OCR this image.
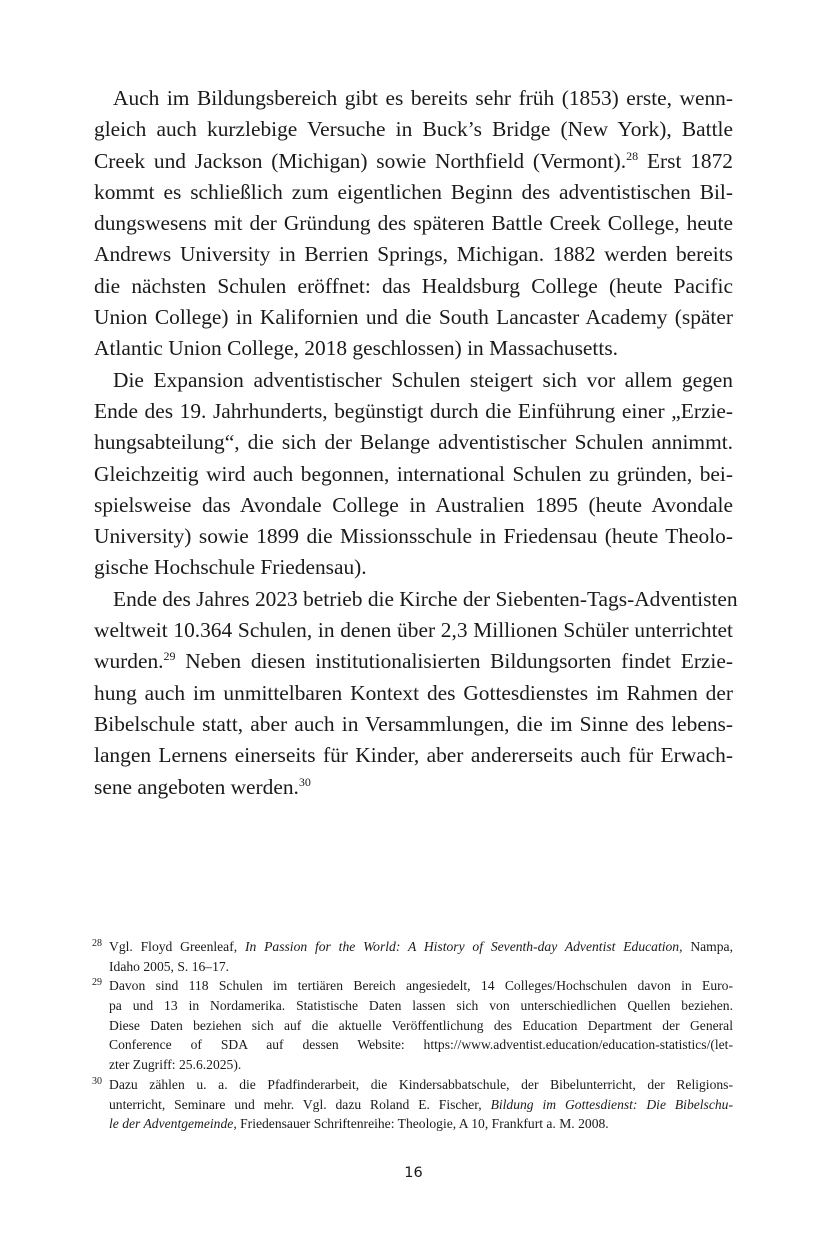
Auch im Bildungsbereich gibt es bereits sehr früh (1853) erste, wenn-
gleich auch kurzlebige Versuche in Buck’s Bridge (New York), Battle
Creek und Jackson (Michigan) sowie Northfield (Vermont).$^{28}$ Erst 1872
kommt es schließlich zum eigentlichen Beginn des adventistischen Bil-
dungswesens mit der Gründung des späteren Battle Creek College, heute
Andrews University in Berrien Springs, Michigan. 1882 werden bereits
die nächsten Schulen eröffnet: das Healdsburg College (heute Pacific
Union College) in Kalifornien und die South Lancaster Academy (später
Atlantic Union College, 2018 geschlossen) in Massachusetts.
Die Expansion adventistischer Schulen steigert sich vor allem gegen
Ende des 19. Jahrhunderts, begünstigt durch die Einführung einer „Erzie-
hungsabteilung“, die sich der Belange adventistischer Schulen annimmt.
Gleichzeitig wird auch begonnen, international Schulen zu gründen, bei-
spielsweise das Avondale College in Australien 1895 (heute Avondale
University) sowie 1899 die Missionsschule in Friedensau (heute Theolo-
gische Hochschule Friedensau).
Ende des Jahres 2023 betrieb die Kirche der Siebenten-Tags-Adventisten
weltweit 10.364 Schulen, in denen über 2,3 Millionen Schüler unterrichtet
wurden.$^{29}$ Neben diesen institutionalisierten Bildungsorten findet Erzie-
hung auch im unmittelbaren Kontext des Gottesdienstes im Rahmen der
Bibelschule statt, aber auch in Versammlungen, die im Sinne des lebens-
langen Lernens einerseits für Kinder, aber andererseits auch für Erwach-
sene angeboten werden.$^{30}$
28 Vgl. Floyd Greenleaf, In Passion for the World: A History of Seventh-day Adventist Education, Nampa,
Idaho 2005, S. 16–17.
29 Davon sind 118 Schulen im tertiären Bereich angesiedelt, 14 Colleges/Hochschulen davon in Euro-
pa und 13 in Nordamerika. Statistische Daten lassen sich von unterschiedlichen Quellen beziehen.
Diese Daten beziehen sich auf die aktuelle Veröffentlichung des Education Department der General
Conference of SDA auf dessen Website: https://www.adventist.education/education-statistics/(let-
zter Zugriff: 25.6.2025).
30 Dazu zählen u. a. die Pfadfinderarbeit, die Kindersabbatschule, der Bibelunterricht, der Religions-
unterricht, Seminare und mehr. Vgl. dazu Roland E. Fischer, Bildung im Gottesdienst: Die Bibelschu-
le der Adventgemeinde, Friedensauer Schriftenreihe: Theologie, A 10, Frankfurt a. M. 2008.
16
